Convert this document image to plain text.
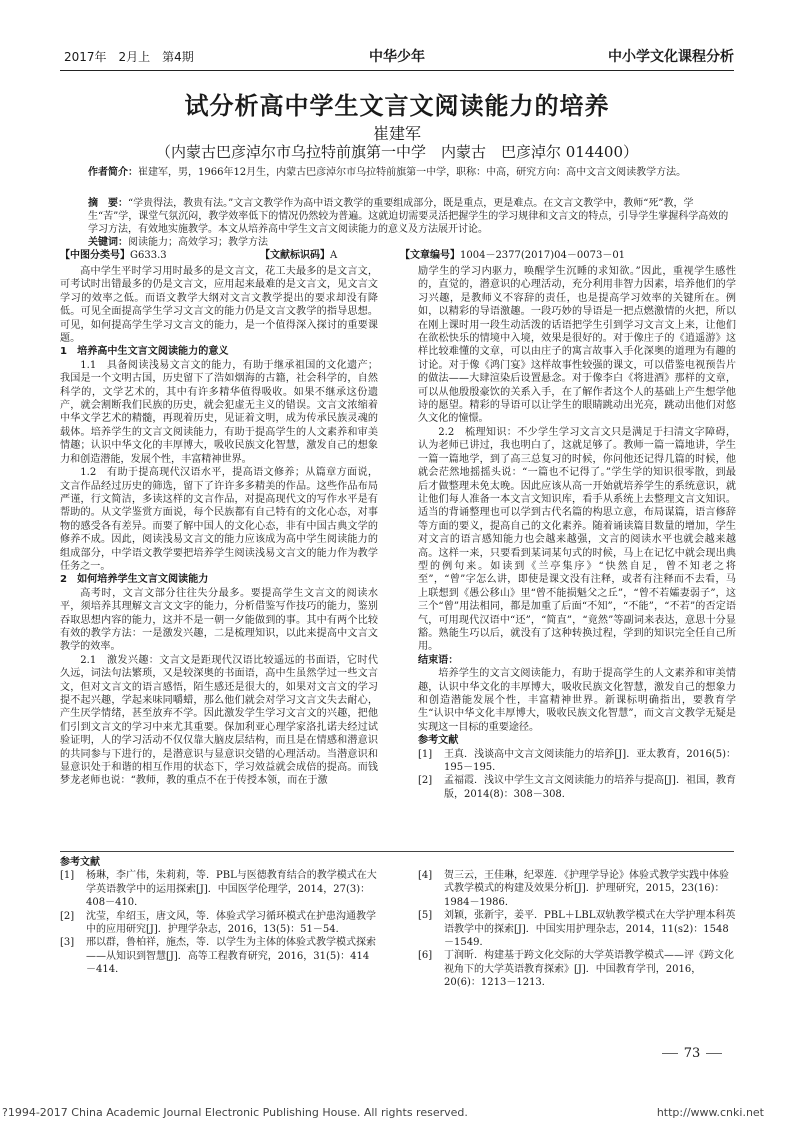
2017年　2月上　第4期	中华少年	中小学文化课程分析
试分析高中学生文言文阅读能力的培养
崔建军
（内蒙古巴彦淖尔市乌拉特前旗第一中学　内蒙古　巴彦淖尔 014400）
作者简介：崔建军，男，1966年12月生，内蒙古巴彦淖尔市乌拉特前旗第一中学，职称：中高，研究方向：高中文言文阅读教学方法。
摘　要：“学贵得法，教贵有法。”文言文教学作为高中语文教学的重要组成部分，既是重点，更是难点。在文言文教学中，教师“死”教，学生“苦”学，课堂气氛沉闷，教学效率低下的情况仍然较为普遍。这就迫切需要灵活把握学生的学习规律和文言文的特点，引导学生掌握科学高效的学习方法，有效地实施教学。本文从培养高中学生文言文阅读能力的意义及方法展开讨论。
关键词：阅读能力；高效学习；教学方法
【中图分类号】 G633.3	【文献标识码】 A	【文章编号】 1004－2377(2017)04－0073－01

高中学生平时学习用时最多的是文言文，花工夫最多的是文言文，可考试时出错最多的仍是文言文，应用起来最难的是文言文，见文言文学习的效率之低。而语文教学大纲对文言文教学提出的要求却没有降低。可见全面提高学生学习文言文的能力仍是文言文教学的指导思想。可见，如何提高学生学习文言文的能力，是一个值得深入探讨的重要课题。

1　培养高中生文言文阅读能力的意义

1.1　具备阅读浅易文言文的能力，有助于继承祖国的文化遗产；我国是一个文明古国，历史留下了浩如烟海的古籍，社会科学的，自然科学的，文学艺术的，其中有许多精华值得吸收。如果不继承这份遗产，就会割断我们民族的历史，就会犯虚无主义的错误。文言文浓缩着中华文学艺术的精髓，再现着历史，见证着文明，成为传承民族灵魂的载体。培养学生的文言文阅读能力，有助于提高学生的人文素养和审美情趣；认识中华文化的丰厚博大，吸收民族文化智慧，激发自己的想象力和创造潜能，发展个性，丰富精神世界。

1.2　有助于提高现代汉语水平，提高语文修养；从篇章方面说，文言作品经过历史的筛选，留下了许许多多精美的作品。这些作品布局严谨，行文简洁，多读这样的文言作品，对提高现代文的写作水平是有帮助的。从文学鉴赏方面说，每个民族都有自己特有的文化心态，对事物的感受各有差异。而要了解中国人的文化心态，非有中国古典文学的修养不成。因此，阅读浅易文言文的能力应该成为高中学生阅读能力的组成部分，中学语文教学要把培养学生阅读浅易文言文的能力作为教学任务之一。

2　如何培养学生文言文阅读能力

高考时，文言文部分往往失分最多。要提高学生文言文的阅读水平，须培养其理解文言文文字的能力，分析借鉴写作技巧的能力，鉴别吞取思想内容的能力，这并不是一朝一夕能做到的事。其中有两个比较有效的教学方法：一是激发兴趣，二是梳理知识，以此来提高中文言文教学的效率。

2.1　激发兴趣：文言文是距现代汉语比较遥远的书面语，它时代久远，词法句法繁琐，又是较深奥的书面语，高中生虽然学过一些文言文，但对文言文的语言感悟，陌生感还是很大的，如果对文言文的学习提不起兴趣，学起来味同嚼蜡，那么他们就会对学习文言文失去耐心，产生厌学情绪，甚至放弃不学。因此激发学生学习文言文的兴趣，把他们引到文言文的学习中来尤其重要。保加利亚心理学家洛扎诺夫经过试验证明，人的学习活动不仅仅靠大脑皮层结构，而且是在情感和潜意识的共同参与下进行的，是潜意识与显意识交错的心理活动。当潜意识和显意识处于和谐的相互作用的状态下，学习效益就会成倍的提高。而钱梦龙老师也说：“教师，教的重点不在于传授本领，而在于激

励学生的学习内驱力，唤醒学生沉睡的求知欲。”因此，重视学生感性的，直觉的，潜意识的心理活动，充分利用非智力因素，培养他们的学习兴趣，是教师义不容辞的责任，也是提高学习效率的关键所在。例如，以精彩的导语激趣。一段巧妙的导语是一把点燃激情的火把，所以在刚上课时用一段生动活泼的话语把学生引到学习文言文上来，让他们在欲松快乐的情境中入境，效果是很好的。对于像庄子的《逍遥游》这样比较难懂的文章，可以由庄子的寓言故事入手化深奥的道理为有趣的讨论。对于像《鸿门宴》这样故事性较强的课文，可以借鉴电视预告片的做法——大肆渲染后设置悬念。对于像李白《将进酒》那样的文章，可以从他殷殷豪饮的关系入手，在了解作者这个人的基础上产生想学他诗的愿望。精彩的导语可以让学生的眼睛跳动出光亮，跳动出他们对悠久文化的憧憬。

2.2　梳理知识：不少学生学习文言文只是满足于扫清文字障碍，认为老师已讲过，我也明白了，这就足够了。教师一篇一篇地讲，学生一篇一篇地学，到了高三总复习的时候，你问他还记得几篇的时候，他就会茫然地摇摇头说：“一篇也不记得了。”学生学的知识很零散，到最后才做整理未免太晚。因此应该从高一开始就培养学生的系统意识，就让他们每人准备一本文言文知识库，看手从系统上去整理文言文知识。适当的背诵整理也可以学到古代名篇的构思立意，布局谋篇，语言修辞等方面的要义，提高自己的文化素养。随着诵读篇目数量的增加，学生对文言的语言感知能力也会越来越强，文言的阅读水平也就会越来越高。这样一来，只要看到某词某句式的时候，马上在记忆中就会现出典型的例句来。如读到《兰亭集序》“快然自足，曾不知老之将至”，“曾”字怎么讲，即使是课文没有注释，或者有注释而不去看，马上联想到《愚公移山》里“曾不能损魁父之丘”，“曾不若孀妻弱子”，这三个“曾”用法相同，都是加重了后面“不知”，“不能”，“不若”的否定语气，可用现代汉语中“还”，“简直”，“竟然”等副词来表达，意思十分显豁。熟能生巧以后，就没有了这种转换过程，学到的知识完全任自己所用。

结束语：

培养学生的文言文阅读能力，有助于提高学生的人文素养和审美情趣，认识中华文化的丰厚博大，吸收民族文化智慧，激发自己的想象力和创造潜能发展个性，丰富精神世界。新课标明确指出，要教育学生“认识中华文化丰厚博大，吸收民族文化智慧”，而文言文教学无疑是实现这一目标的重要途径。

参考文献

[1]	王真．浅谈高中文言文阅读能力的培养[J]．亚太教育，2016(5)：195－195．
[2]	孟福霞．浅议中学生文言文阅读能力的培养与提高[J]．祖国，教育版，2014(8)：308－308．
参考文献
[1]	杨琳，李广伟，朱莉莉，等．PBL与医德教育结合的教学模式在大学英语教学中的运用探索[J]．中国医学伦理学，2014，27(3)：408－410．
[2]	沈莹，牟绍玉，唐文风，等．体验式学习循环模式在护患沟通教学中的应用研究[J]．护理学杂志，2016，13(5)：51－54．
[3]	邢以群，鲁柏祥，施杰，等．以学生为主体的体验式教学模式探索——从知识到智慧[J]．高等工程教育研究，2016，31(5)：414－414．
[4]	贺三云，王佳琳，纪翠莲．《护理学导论》体验式教学实践中体验式教学模式的构建及效果分析[J]．护理研究，2015，23(16)：1984－1986．
[5]	刘颖，张新宇，姜平．PBL＋LBL双轨教学模式在大学护理本科英语教学中的探索[J]．中国实用护理杂志，2014，11(s2)：1548－1549．
[6]	丁润昕．构建基于跨文化交际的大学英语教学模式——评《跨文化视角下的大学英语教育探索》[J]．中国教育学刊，2016，20(6)：1213－1213．
73
?1994-2017 China Academic Journal Electronic Publishing House. All rights reserved.	http://www.cnki.net
